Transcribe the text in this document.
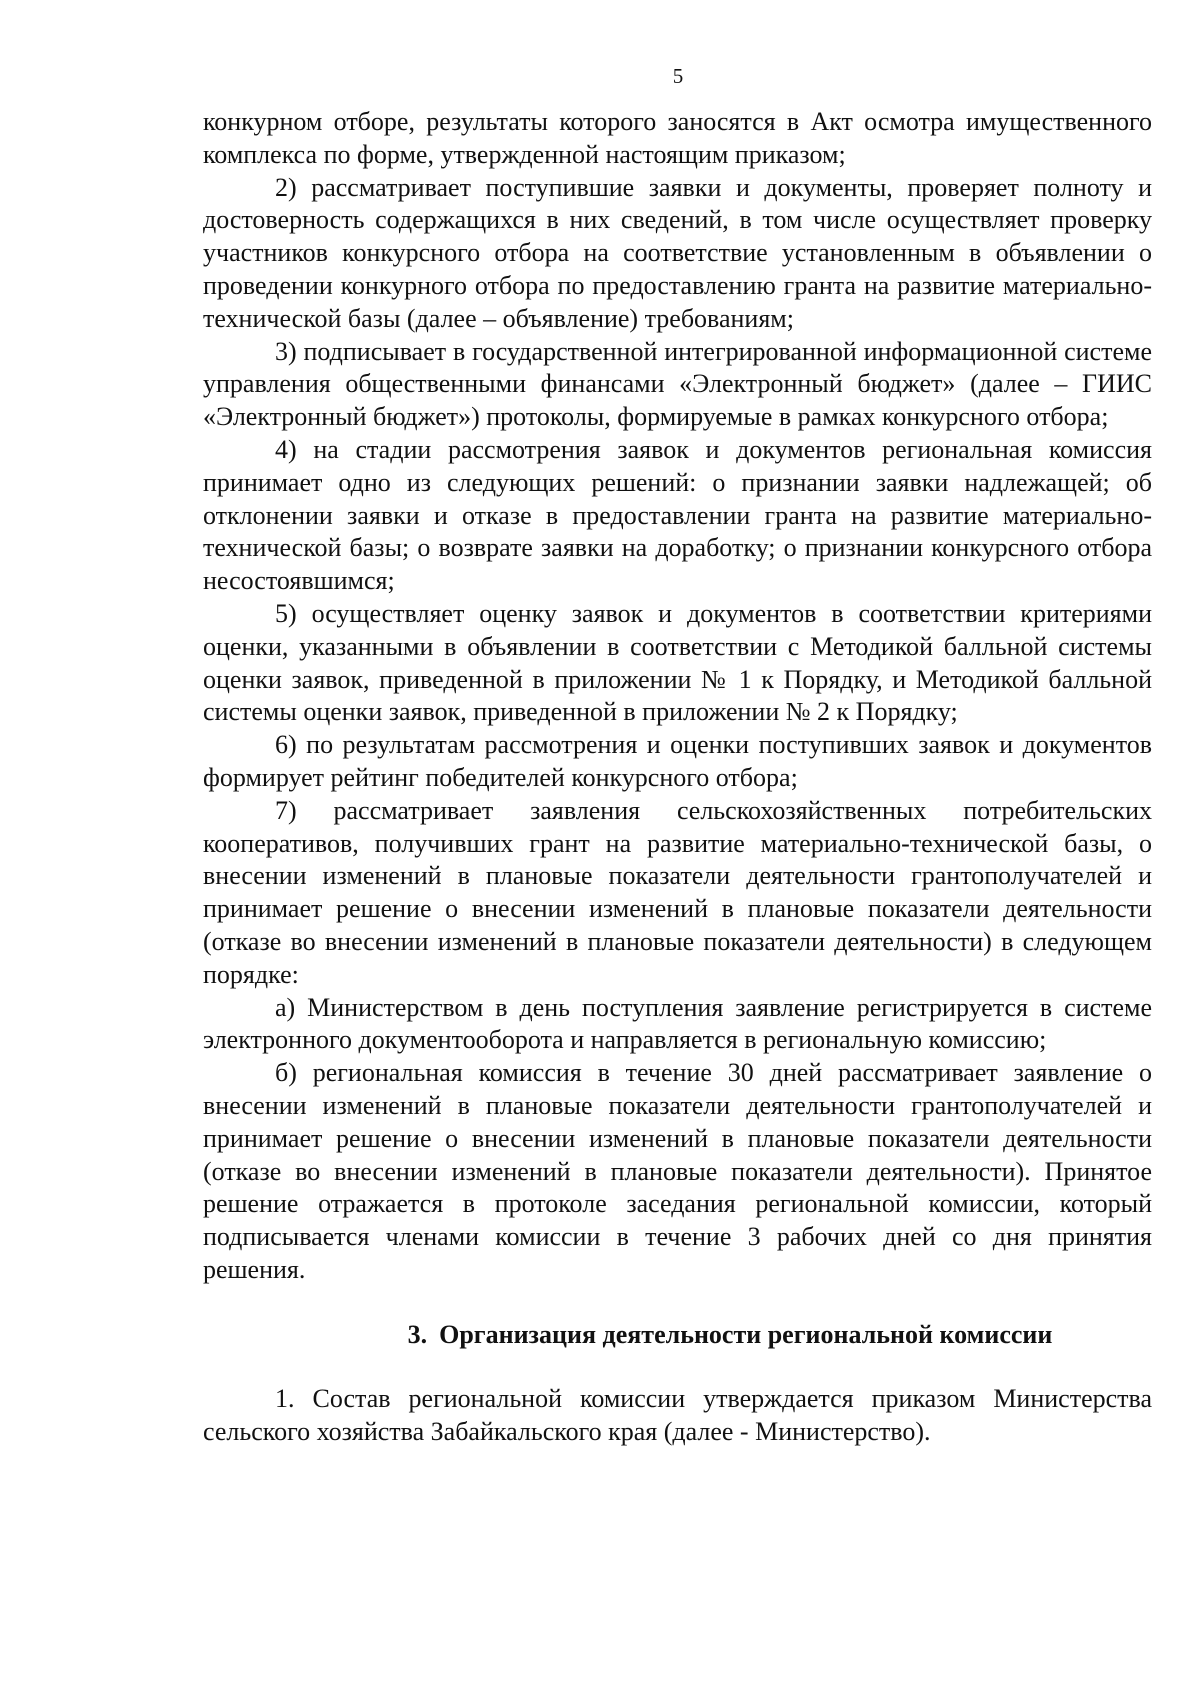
5

конкурном отборе, результаты которого заносятся в Акт осмотра имущественного комплекса по форме, утвержденной настоящим приказом;

2) рассматривает поступившие заявки и документы, проверяет полноту и достоверность содержащихся в них сведений, в том числе осуществляет проверку участников конкурсного отбора на соответствие установленным в объявлении о проведении конкурного отбора по предоставлению гранта на развитие материально-технической базы (далее – объявление) требованиям;

3) подписывает в государственной интегрированной информационной системе управления общественными финансами «Электронный бюджет» (далее – ГИИС «Электронный бюджет») протоколы, формируемые в рамках конкурсного отбора;

4) на стадии рассмотрения заявок и документов региональная комиссия принимает одно из следующих решений: о признании заявки надлежащей; об отклонении заявки и отказе в предоставлении гранта на развитие материально-технической базы; о возврате заявки на доработку; о признании конкурсного отбора несостоявшимся;

5) осуществляет оценку заявок и документов в соответствии критериями оценки, указанными в объявлении в соответствии с Методикой балльной системы оценки заявок, приведенной в приложении № 1 к Порядку, и Методикой балльной системы оценки заявок, приведенной в приложении № 2 к Порядку;

6) по результатам рассмотрения и оценки поступивших заявок и документов формирует рейтинг победителей конкурсного отбора;

7) рассматривает заявления сельскохозяйственных потребительских кооперативов, получивших грант на развитие материально-технической базы, о внесении изменений в плановые показатели деятельности грантополучателей и принимает решение о внесении изменений в плановые показатели деятельности (отказе во внесении изменений в плановые показатели деятельности) в следующем порядке:

а) Министерством в день поступления заявление регистрируется в системе электронного документооборота и направляется в региональную комиссию;

б) региональная комиссия в течение 30 дней рассматривает заявление о внесении изменений в плановые показатели деятельности грантополучателей и принимает решение о внесении изменений в плановые показатели деятельности (отказе во внесении изменений в плановые показатели деятельности). Принятое решение отражается в протоколе заседания региональной комиссии, который подписывается членами комиссии в течение 3 рабочих дней со дня принятия решения.

3. Организация деятельности региональной комиссии

1. Состав региональной комиссии утверждается приказом Министерства сельского хозяйства Забайкальского края (далее - Министерство).
